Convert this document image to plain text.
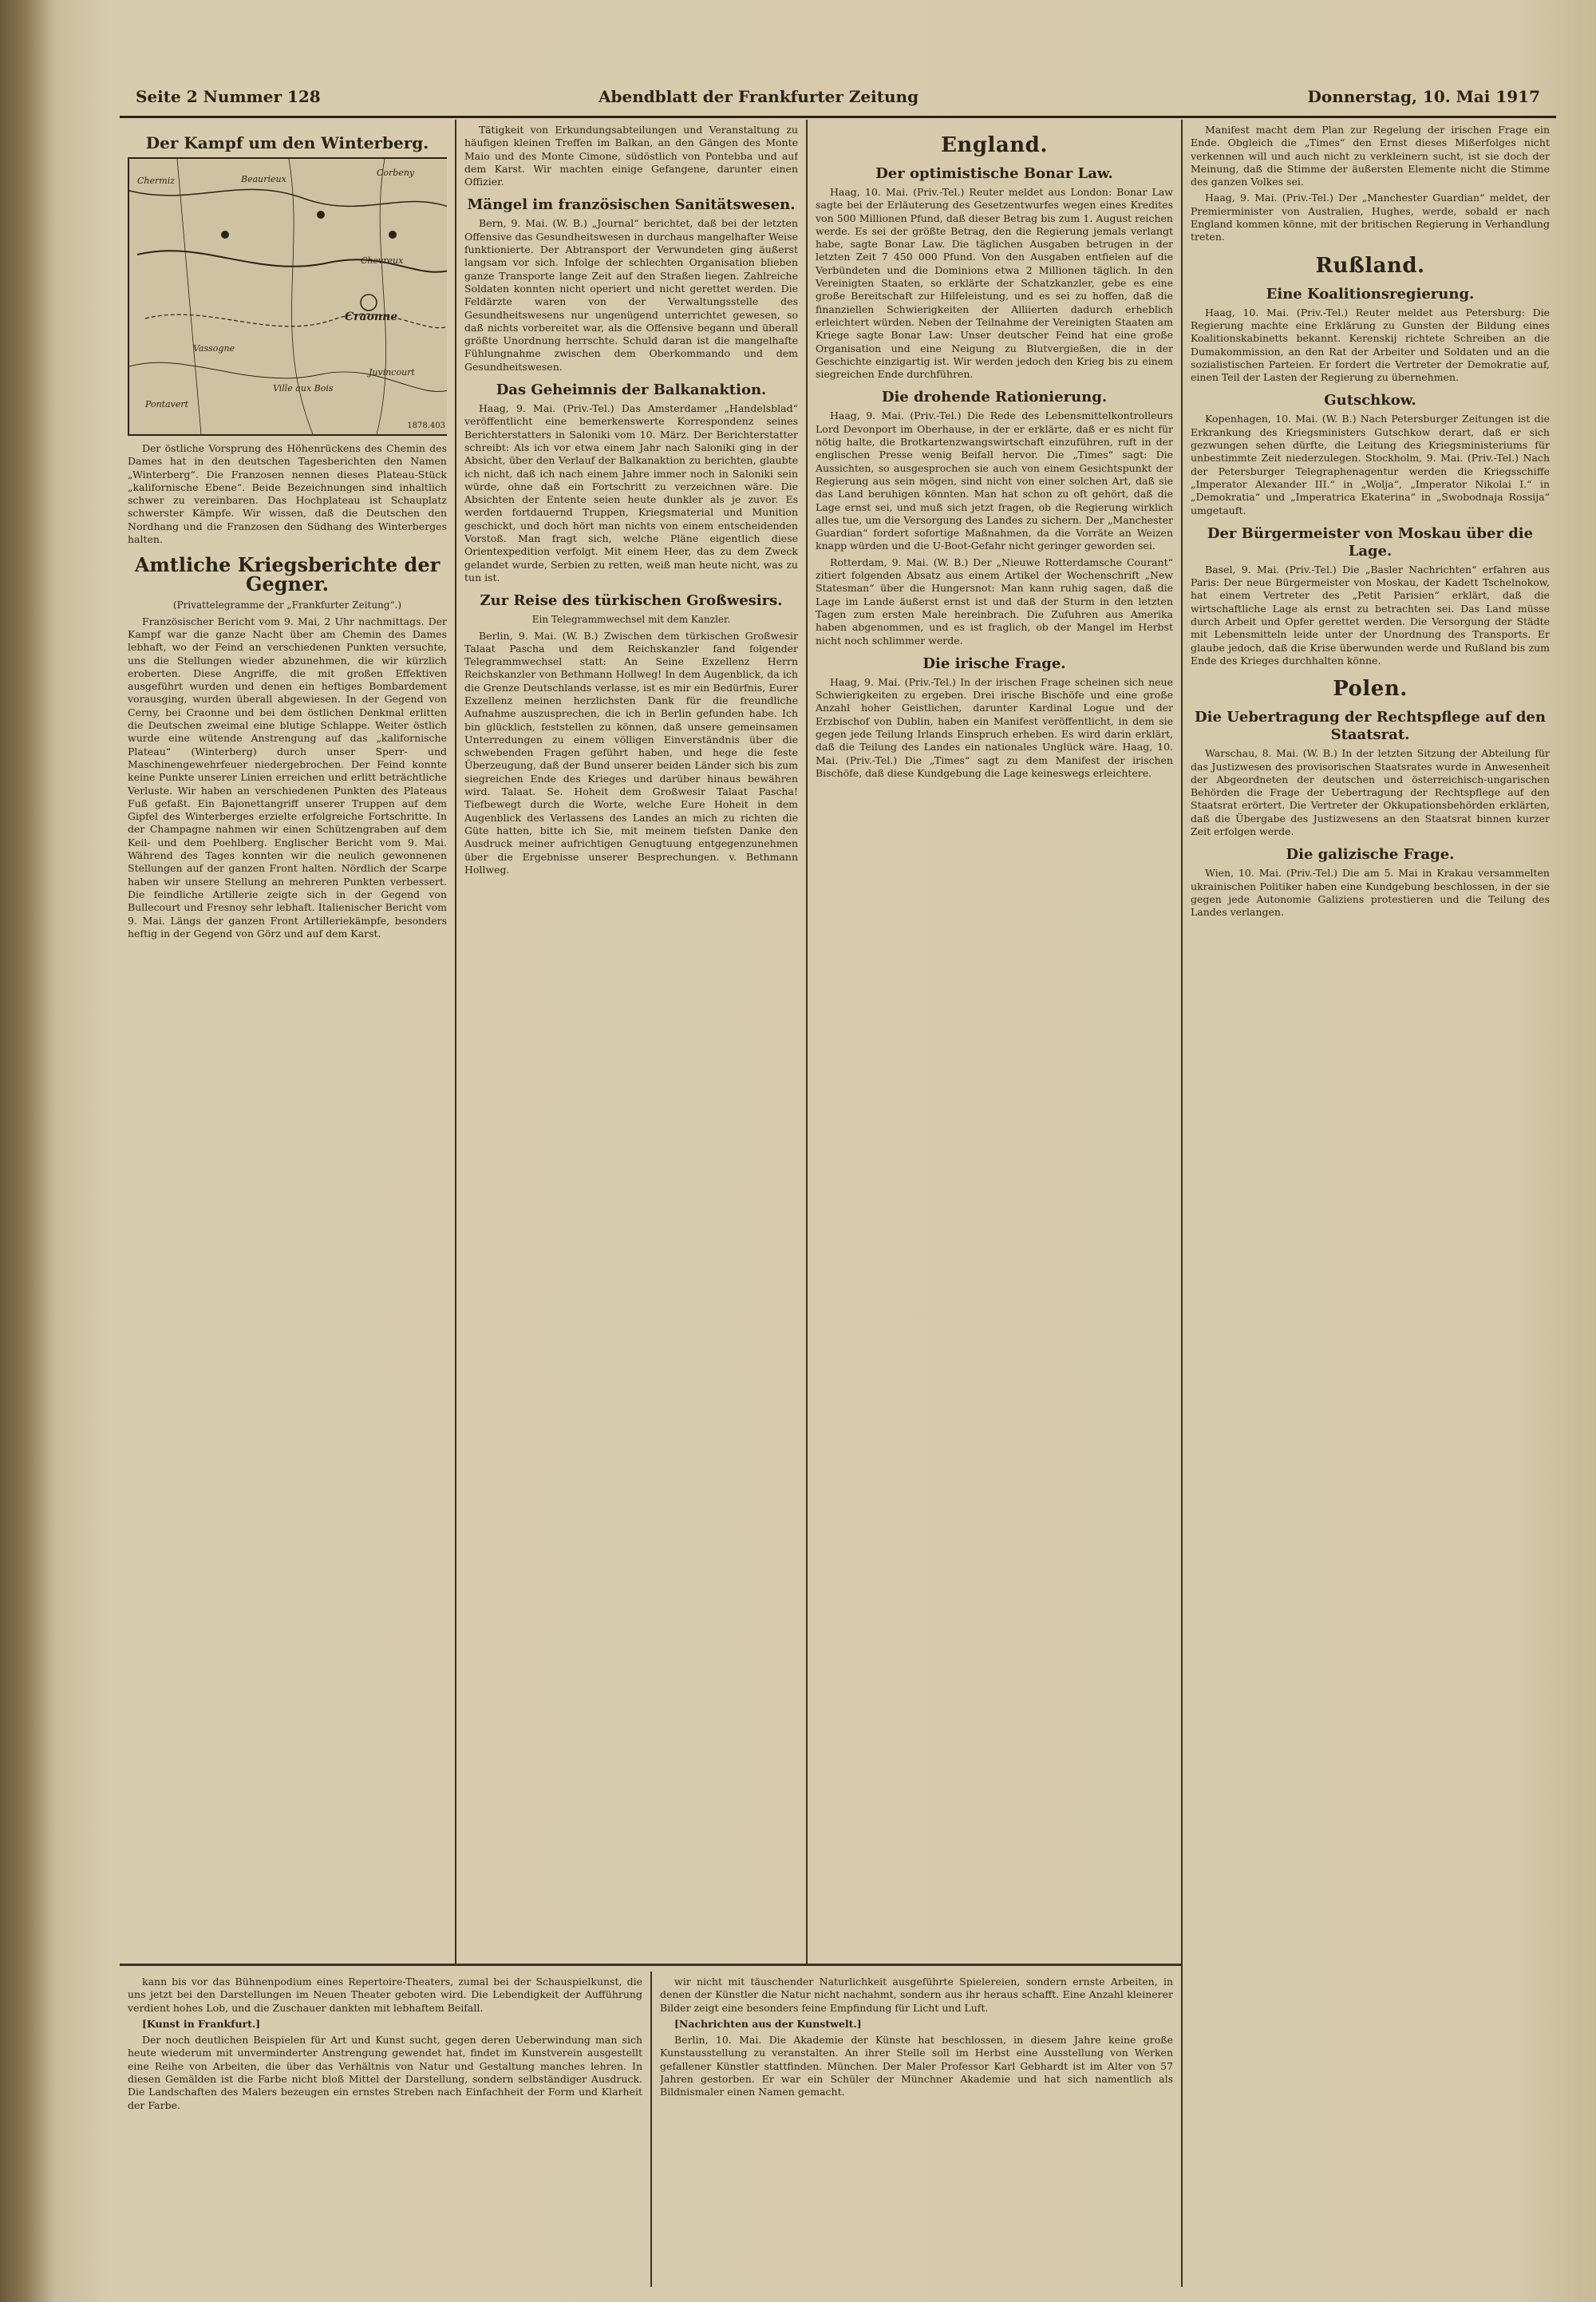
Seite 2 Nummer 128	Abendblatt der Frankfurter Zeitung	Donnerstag, 10. Mai 1917
Der Kampf um den Winterberg.
Chermiz	Beaurieux
Craonne
Corbeny
Vassogne
Chevreux
Juvincourt
Ville aux Bois
Pontavert
1878.403

Der östliche Vorsprung des Höhenrückens des Chemin des Dames hat in den deutschen Tagesberichten den Namen „Winterberg“. Die Franzosen nennen dieses Plateau-Stück „kalifornische Ebene“. Beide Bezeichnungen sind inhaltlich schwer zu vereinbaren. Das Hochplateau ist Schauplatz schwerster Kämpfe. Wir wissen, daß die Deutschen den Nordhang und die Franzosen den Südhang des Winterberges halten.

Amtliche Kriegsberichte der Gegner.
(Privattelegramme der „Frankfurter Zeitung“.)

Französischer Bericht vom 9. Mai, 2 Uhr nachmittags. Der Kampf war die ganze Nacht über am Chemin des Dames lebhaft, wo der Feind an verschiedenen Punkten versuchte, uns die Stellungen wieder abzunehmen, die wir kürzlich eroberten. Diese Angriffe, die mit großen Effektiven ausgeführt wurden und denen ein heftiges Bombardement vorausging, wurden überall abgewiesen. In der Gegend von Cerny, bei Craonne und bei dem östlichen Denkmal erlitten die Deutschen zweimal eine blutige Schlappe. Weiter östlich wurde eine wütende Anstrengung auf das „kalifornische Plateau“ (Winterberg) durch unser Sperr- und Maschinengewehrfeuer niedergebrochen. Der Feind konnte keine Punkte unserer Linien erreichen und erlitt beträchtliche Verluste. Wir haben an verschiedenen Punkten des Plateaus Fuß gefaßt. Ein Bajonettangriff unserer Truppen auf dem Gipfel des Winterberges erzielte erfolgreiche Fortschritte. In der Champagne nahmen wir einen Schützengraben auf dem Keil- und dem Poehlberg. Englischer Bericht vom 9. Mai. Während des Tages konnten wir die neulich gewonnenen Stellungen auf der ganzen Front halten. Nördlich der Scarpe haben wir unsere Stellung an mehreren Punkten verbessert. Die feindliche Artillerie zeigte sich in der Gegend von Bullecourt und Fresnoy sehr lebhaft. Italienischer Bericht vom 9. Mai. Längs der ganzen Front Artilleriekämpfe, besonders heftig in der Gegend von Görz und auf dem Karst.

Tätigkeit von Erkundungsabteilungen und Veranstaltung zu häufigen kleinen Treffen im Balkan, an den Gängen des Monte Maio und des Monte Cimone, südöstlich von Pontebba und auf dem Karst. Wir machten einige Gefangene, darunter einen Offizier.

Mängel im französischen Sanitätswesen.

Bern, 9. Mai. (W. B.) „Journal“ berichtet, daß bei der letzten Offensive das Gesundheitswesen in durchaus mangelhafter Weise funktionierte. Der Abtransport der Verwundeten ging äußerst langsam vor sich. Infolge der schlechten Organisation blieben ganze Transporte lange Zeit auf den Straßen liegen. Zahlreiche Soldaten konnten nicht operiert und nicht gerettet werden. Die Feldärzte waren von der Verwaltungsstelle des Gesundheitswesens nur ungenügend unterrichtet gewesen, so daß nichts vorbereitet war, als die Offensive begann und überall größte Unordnung herrschte. Schuld daran ist die mangelhafte Fühlungnahme zwischen dem Oberkommando und dem Gesundheitswesen.

Das Geheimnis der Balkanaktion.

Haag, 9. Mai. (Priv.-Tel.) Das Amsterdamer „Handelsblad“ veröffentlicht eine bemerkenswerte Korrespondenz seines Berichterstatters in Saloniki vom 10. März. Der Berichterstatter schreibt: Als ich vor etwa einem Jahr nach Saloniki ging in der Absicht, über den Verlauf der Balkanaktion zu berichten, glaubte ich nicht, daß ich nach einem Jahre immer noch in Saloniki sein würde, ohne daß ein Fortschritt zu verzeichnen wäre. Die Absichten der Entente seien heute dunkler als je zuvor. Es werden fortdauernd Truppen, Kriegsmaterial und Munition geschickt, und doch hört man nichts von einem entscheidenden Vorstoß. Man fragt sich, welche Pläne eigentlich diese Orientexpedition verfolgt. Mit einem Heer, das zu dem Zweck gelandet wurde, Serbien zu retten, weiß man heute nicht, was zu tun ist.

Zur Reise des türkischen Großwesirs.
Ein Telegrammwechsel mit dem Kanzler.

Berlin, 9. Mai. (W. B.) Zwischen dem türkischen Großwesir Talaat Pascha und dem Reichskanzler fand folgender Telegrammwechsel statt: An Seine Exzellenz Herrn Reichskanzler von Bethmann Hollweg! In dem Augenblick, da ich die Grenze Deutschlands verlasse, ist es mir ein Bedürfnis, Eurer Exzellenz meinen herzlichsten Dank für die freundliche Aufnahme auszusprechen, die ich in Berlin gefunden habe. Ich bin glücklich, feststellen zu können, daß unsere gemeinsamen Unterredungen zu einem völligen Einverständnis über die schwebenden Fragen geführt haben, und hege die feste Überzeugung, daß der Bund unserer beiden Länder sich bis zum siegreichen Ende des Krieges und darüber hinaus bewähren wird. Talaat. Se. Hoheit dem Großwesir Talaat Pascha! Tiefbewegt durch die Worte, welche Eure Hoheit in dem Augenblick des Verlassens des Landes an mich zu richten die Güte hatten, bitte ich Sie, mit meinem tiefsten Danke den Ausdruck meiner aufrichtigen Genugtuung entgegenzunehmen über die Ergebnisse unserer Besprechungen. v. Bethmann Hollweg.

England.
Der optimistische Bonar Law.

Haag, 10. Mai. (Priv.-Tel.) Reuter meldet aus London: Bonar Law sagte bei der Erläuterung des Gesetzentwurfes wegen eines Kredites von 500 Millionen Pfund, daß dieser Betrag bis zum 1. August reichen werde. Es sei der größte Betrag, den die Regierung jemals verlangt habe, sagte Bonar Law. Die täglichen Ausgaben betrugen in der letzten Zeit 7 450 000 Pfund. Von den Ausgaben entfielen auf die Verbündeten und die Dominions etwa 2 Millionen täglich. In den Vereinigten Staaten, so erklärte der Schatzkanzler, gebe es eine große Bereitschaft zur Hilfeleistung, und es sei zu hoffen, daß die finanziellen Schwierigkeiten der Alliierten dadurch erheblich erleichtert würden. Neben der Teilnahme der Vereinigten Staaten am Kriege sagte Bonar Law: Unser deutscher Feind hat eine große Organisation und eine Neigung zu Blutvergießen, die in der Geschichte einzigartig ist. Wir werden jedoch den Krieg bis zu einem siegreichen Ende durchführen.

Die drohende Rationierung.

Haag, 9. Mai. (Priv.-Tel.) Die Rede des Lebensmittelkontrolleurs Lord Devonport im Oberhause, in der er erklärte, daß er es nicht für nötig halte, die Brotkartenzwangswirtschaft einzuführen, ruft in der englischen Presse wenig Beifall hervor. Die „Times“ sagt: Die Aussichten, so ausgesprochen sie auch von einem Gesichtspunkt der Regierung aus sein mögen, sind nicht von einer solchen Art, daß sie das Land beruhigen könnten. Man hat schon zu oft gehört, daß die Lage ernst sei, und muß sich jetzt fragen, ob die Regierung wirklich alles tue, um die Versorgung des Landes zu sichern. Der „Manchester Guardian“ fordert sofortige Maßnahmen, da die Vorräte an Weizen knapp würden und die U-Boot-Gefahr nicht geringer geworden sei.

Rotterdam, 9. Mai. (W. B.) Der „Nieuwe Rotterdamsche Courant“ zitiert folgenden Absatz aus einem Artikel der Wochenschrift „New Statesman“ über die Hungersnot: Man kann ruhig sagen, daß die Lage im Lande äußerst ernst ist und daß der Sturm in den letzten Tagen zum ersten Male hereinbrach. Die Zufuhren aus Amerika haben abgenommen, und es ist fraglich, ob der Mangel im Herbst nicht noch schlimmer werde.

Die irische Frage.

Haag, 9. Mai. (Priv.-Tel.) In der irischen Frage scheinen sich neue Schwierigkeiten zu ergeben. Drei irische Bischöfe und eine große Anzahl hoher Geistlichen, darunter Kardinal Logue und der Erzbischof von Dublin, haben ein Manifest veröffentlicht, in dem sie gegen jede Teilung Irlands Einspruch erheben. Es wird darin erklärt, daß die Teilung des Landes ein nationales Unglück wäre. Haag, 10. Mai. (Priv.-Tel.) Die „Times“ sagt zu dem Manifest der irischen Bischöfe, daß diese Kundgebung die Lage keineswegs erleichtere.

Manifest macht dem Plan zur Regelung der irischen Frage ein Ende. Obgleich die „Times“ den Ernst dieses Mißerfolges nicht verkennen will und auch nicht zu verkleinern sucht, ist sie doch der Meinung, daß die Stimme der äußersten Elemente nicht die Stimme des ganzen Volkes sei.

Haag, 9. Mai. (Priv.-Tel.) Der „Manchester Guardian“ meldet, der Premierminister von Australien, Hughes, werde, sobald er nach England kommen könne, mit der britischen Regierung in Verhandlung treten.

Rußland.
Eine Koalitionsregierung.

Haag, 10. Mai. (Priv.-Tel.) Reuter meldet aus Petersburg: Die Regierung machte eine Erklärung zu Gunsten der Bildung eines Koalitionskabinetts bekannt. Kerenskij richtete Schreiben an die Dumakommission, an den Rat der Arbeiter und Soldaten und an die sozialistischen Parteien. Er fordert die Vertreter der Demokratie auf, einen Teil der Lasten der Regierung zu übernehmen.

Gutschkow.

Kopenhagen, 10. Mai. (W. B.) Nach Petersburger Zeitungen ist die Erkrankung des Kriegsministers Gutschkow derart, daß er sich gezwungen sehen dürfte, die Leitung des Kriegsministeriums für unbestimmte Zeit niederzulegen. Stockholm, 9. Mai. (Priv.-Tel.) Nach der Petersburger Telegraphenagentur werden die Kriegsschiffe „Imperator Alexander III.“ in „Wolja“, „Imperator Nikolai I.“ in „Demokratia“ und „Imperatrica Ekaterina“ in „Swobodnaja Rossija“ umgetauft.

Der Bürgermeister von Moskau über die Lage.

Basel, 9. Mai. (Priv.-Tel.) Die „Basler Nachrichten“ erfahren aus Paris: Der neue Bürgermeister von Moskau, der Kadett Tschelnokow, hat einem Vertreter des „Petit Parisien“ erklärt, daß die wirtschaftliche Lage als ernst zu betrachten sei. Das Land müsse durch Arbeit und Opfer gerettet werden. Die Versorgung der Städte mit Lebensmitteln leide unter der Unordnung des Transports. Er glaube jedoch, daß die Krise überwunden werde und Rußland bis zum Ende des Krieges durchhalten könne.

Polen.
Die Uebertragung der Rechtspflege auf den Staatsrat.

Warschau, 8. Mai. (W. B.) In der letzten Sitzung der Abteilung für das Justizwesen des provisorischen Staatsrates wurde in Anwesenheit der Abgeordneten der deutschen und österreichisch-ungarischen Behörden die Frage der Uebertragung der Rechtspflege auf den Staatsrat erörtert. Die Vertreter der Okkupationsbehörden erklärten, daß die Übergabe des Justizwesens an den Staatsrat binnen kurzer Zeit erfolgen werde.

Die galizische Frage.

Wien, 10. Mai. (Priv.-Tel.) Die am 5. Mai in Krakau versammelten ukrainischen Politiker haben eine Kundgebung beschlossen, in der sie gegen jede Autonomie Galiziens protestieren und die Teilung des Landes verlangen.

kann bis vor das Bühnenpodium eines Repertoire-Theaters, zumal bei der Schauspielkunst, die uns jetzt bei den Darstellungen im Neuen Theater geboten wird. Die Lebendigkeit der Aufführung verdient hohes Lob, und die Zuschauer dankten mit lebhaftem Beifall.

[Kunst in Frankfurt.]

Der noch deutlichen Beispielen für Art und Kunst sucht, gegen deren Ueberwindung man sich heute wiederum mit unverminderter Anstrengung gewendet hat, findet im Kunstverein ausgestellt eine Reihe von Arbeiten, die über das Verhältnis von Natur und Gestaltung manches lehren. In diesen Gemälden ist die Farbe nicht bloß Mittel der Darstellung, sondern selbständiger Ausdruck. Die Landschaften des Malers bezeugen ein ernstes Streben nach Einfachheit der Form und Klarheit der Farbe.

wir nicht mit täuschender Naturlichkeit ausgeführte Spielereien, sondern ernste Arbeiten, in denen der Künstler die Natur nicht nachahmt, sondern aus ihr heraus schafft. Eine Anzahl kleinerer Bilder zeigt eine besonders feine Empfindung für Licht und Luft.

[Nachrichten aus der Kunstwelt.]

Berlin, 10. Mai. Die Akademie der Künste hat beschlossen, in diesem Jahre keine große Kunstausstellung zu veranstalten. An ihrer Stelle soll im Herbst eine Ausstellung von Werken gefallener Künstler stattfinden. München. Der Maler Professor Karl Gebhardt ist im Alter von 57 Jahren gestorben. Er war ein Schüler der Münchner Akademie und hat sich namentlich als Bildnismaler einen Namen gemacht.
